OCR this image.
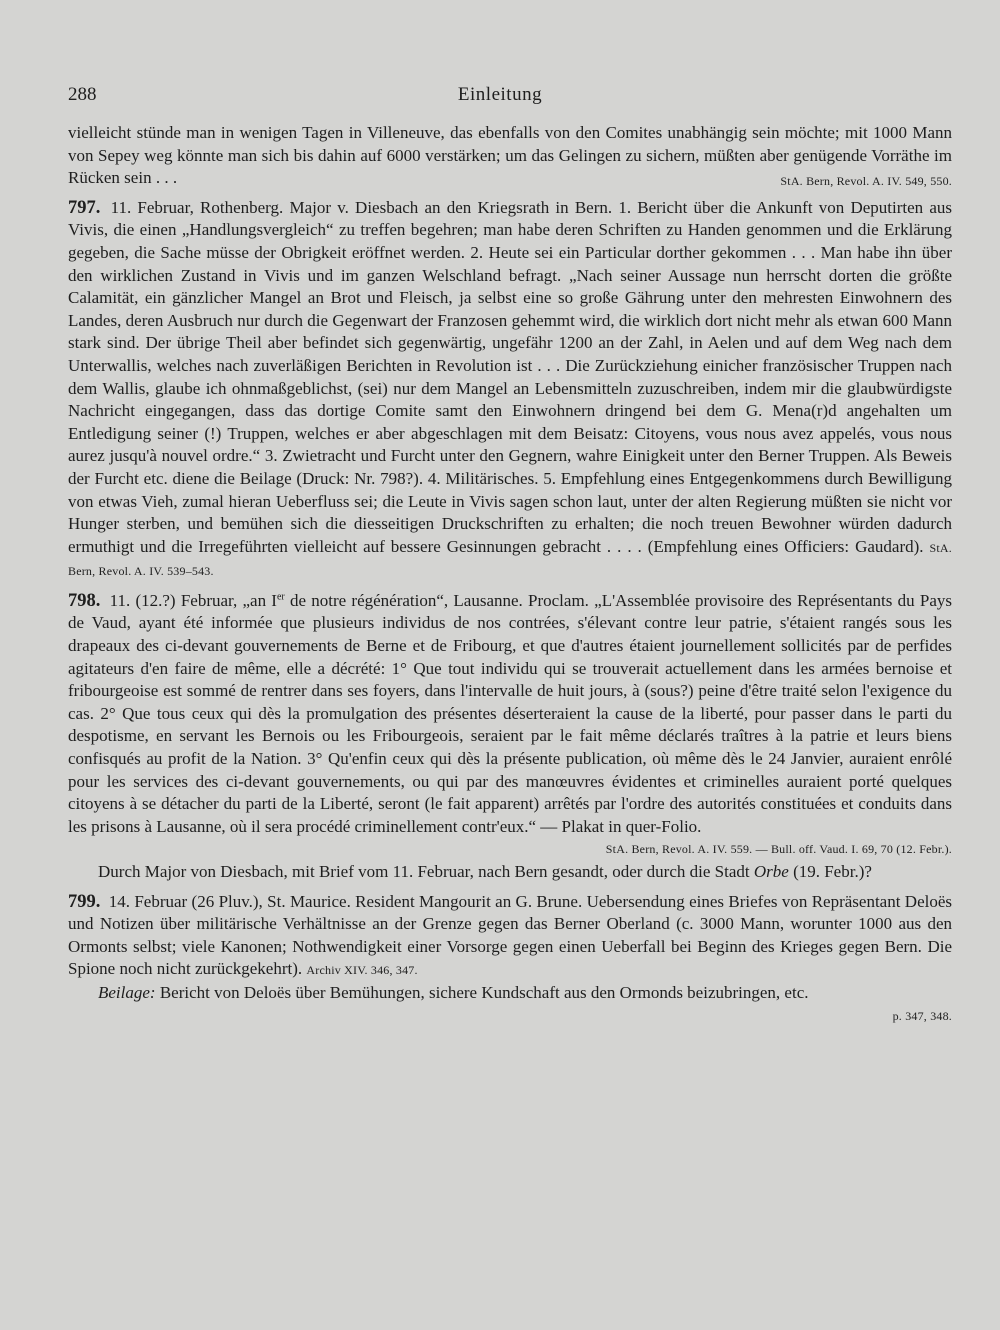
288	Einleitung

vielleicht stünde man in wenigen Tagen in Villeneuve, das ebenfalls von den Comites unabhängig sein möchte; mit 1000 Mann von Sepey weg könnte man sich bis dahin auf 6000 verstärken; um das Gelingen zu sichern, müßten aber genügende Vorräthe im Rücken sein . . .	StA. Bern, Revol. A. IV. 549, 550.

797. 11. Februar, Rothenberg. Major v. Diesbach an den Kriegsrath in Bern. 1. Bericht über die Ankunft von Deputirten aus Vivis, die einen „Handlungsvergleich“ zu treffen begehren; man habe deren Schriften zu Handen genommen und die Erklärung gegeben, die Sache müsse der Obrigkeit eröffnet werden. 2. Heute sei ein Particular dorther gekommen . . . Man habe ihn über den wirklichen Zustand in Vivis und im ganzen Welschland befragt. „Nach seiner Aussage nun herrscht dorten die größte Calamität, ein gänzlicher Mangel an Brot und Fleisch, ja selbst eine so große Gährung unter den mehresten Einwohnern des Landes, deren Ausbruch nur durch die Gegenwart der Franzosen gehemmt wird, die wirklich dort nicht mehr als etwan 600 Mann stark sind. Der übrige Theil aber befindet sich gegenwärtig, ungefähr 1200 an der Zahl, in Aelen und auf dem Weg nach dem Unterwallis, welches nach zuverläßigen Berichten in Revolution ist . . . Die Zurückziehung einicher französischer Truppen nach dem Wallis, glaube ich ohnmaßgeblichst, (sei) nur dem Mangel an Lebensmitteln zuzuschreiben, indem mir die glaubwürdigste Nachricht eingegangen, dass das dortige Comite samt den Einwohnern dringend bei dem G. Mena(r)d angehalten um Entledigung seiner (!) Truppen, welches er aber abgeschlagen mit dem Beisatz: Citoyens, vous nous avez appelés, vous nous aurez jusqu'à nouvel ordre.“ 3. Zwietracht und Furcht unter den Gegnern, wahre Einigkeit unter den Berner Truppen. Als Beweis der Furcht etc. diene die Beilage (Druck: Nr. 798?). 4. Militärisches. 5. Empfehlung eines Entgegenkommens durch Bewilligung von etwas Vieh, zumal hieran Ueberfluss sei; die Leute in Vivis sagen schon laut, unter der alten Regierung müßten sie nicht vor Hunger sterben, und bemühen sich die diesseitigen Druckschriften zu erhalten; die noch treuen Bewohner würden dadurch ermuthigt und die Irregeführten vielleicht auf bessere Gesinnungen gebracht . . . . (Empfehlung eines Officiers: Gaudard). StA. Bern, Revol. A. IV. 539–543.

798. 11. (12.?) Februar, „an Ier de notre régénération“, Lausanne. Proclam. „L'Assemblée provisoire des Représentants du Pays de Vaud, ayant été informée que plusieurs individus de nos contrées, s'élevant contre leur patrie, s'étaient rangés sous les drapeaux des ci-devant gouvernements de Berne et de Fribourg, et que d'autres étaient journellement sollicités par de perfides agitateurs d'en faire de même, elle a décrété: 1° Que tout individu qui se trouverait actuellement dans les armées bernoise et fribourgeoise est sommé de rentrer dans ses foyers, dans l'intervalle de huit jours, à (sous?) peine d'être traité selon l'exigence du cas. 2° Que tous ceux qui dès la promulgation des présentes déserteraient la cause de la liberté, pour passer dans le parti du despotisme, en servant les Bernois ou les Fribourgeois, seraient par le fait même déclarés traîtres à la patrie et leurs biens confisqués au profit de la Nation. 3° Qu'enfin ceux qui dès la présente publication, où même dès le 24 Janvier, auraient enrôlé pour les services des ci-devant gouvernements, ou qui par des manœuvres évidentes et criminelles auraient porté quelques citoyens à se détacher du parti de la Liberté, seront (le fait apparent) arrêtés par l'ordre des autorités constituées et conduits dans les prisons à Lausanne, où il sera procédé criminellement contr'eux.“ — Plakat in quer-Folio.
StA. Bern, Revol. A. IV. 559. — Bull. off. Vaud. I. 69, 70 (12. Febr.).

Durch Major von Diesbach, mit Brief vom 11. Februar, nach Bern gesandt, oder durch die Stadt Orbe (19. Febr.)?

799. 14. Februar (26 Pluv.), St. Maurice. Resident Mangourit an G. Brune. Uebersendung eines Briefes von Repräsentant Deloës und Notizen über militärische Verhältnisse an der Grenze gegen das Berner Oberland (c. 3000 Mann, worunter 1000 aus den Ormonts selbst; viele Kanonen; Nothwendigkeit einer Vorsorge gegen einen Ueberfall bei Beginn des Krieges gegen Bern. Die Spione noch nicht zurückgekehrt). Archiv XIV. 346, 347.

Beilage: Bericht von Deloës über Bemühungen, sichere Kundschaft aus den Ormonds beizubringen, etc.
p. 347, 348.
